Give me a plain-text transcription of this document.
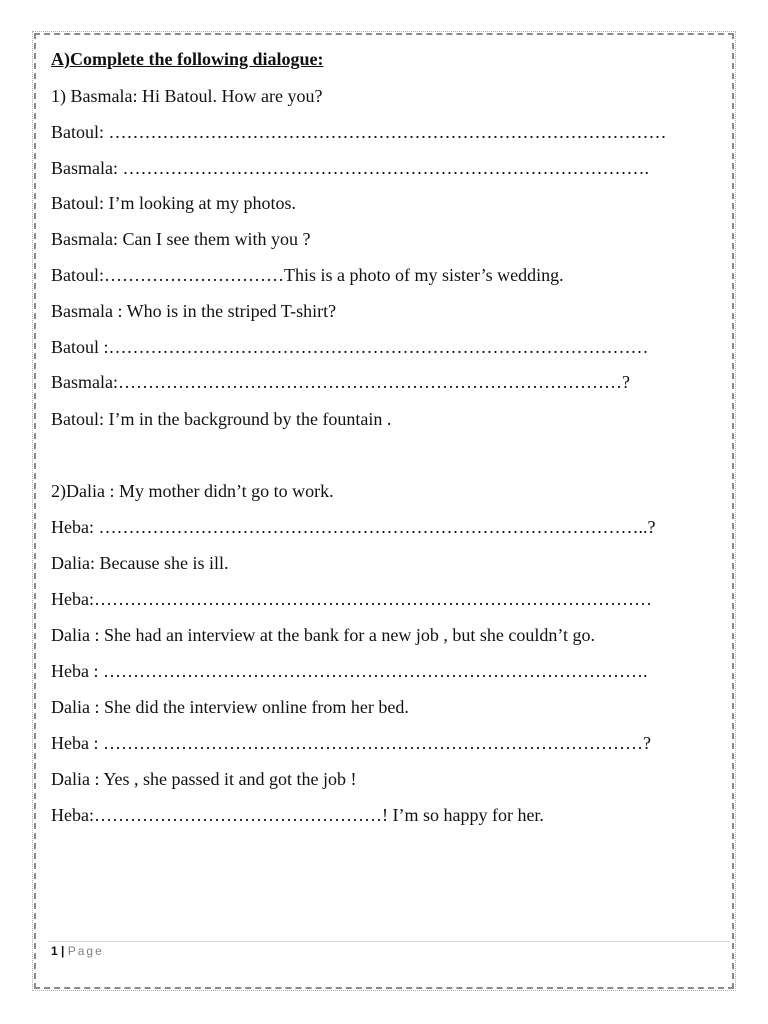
A)Complete the following dialogue:
1) Basmala: Hi Batoul. How are you?
Batoul: …………………………………………………………………………………
Basmala: …………………………………………………………………………….
Batoul: I’m looking at my photos.
Basmala: Can I see them with you ?
Batoul:…………………………This is a photo of my sister’s wedding.
Basmala : Who is in the striped T-shirt?
Batoul :………………………………………………………………………………
Basmala:…………………………………………………………………………?
Batoul: I’m in the background by the fountain .
2)Dalia : My mother didn’t go to work.
Heba: ………………………………………………………………………………..?
Dalia: Because she is ill.
Heba:…………………………………………………………………………………
Dalia : She had an interview at the bank for a new job , but she couldn’t go.
Heba : ……………………………………………………………………………….
Dalia : She did the interview online from her bed.
Heba : ………………………………………………………………………………?
Dalia : Yes , she passed it and got the job !
Heba:…………………………………………! I’m so happy for her.
1 | Page
